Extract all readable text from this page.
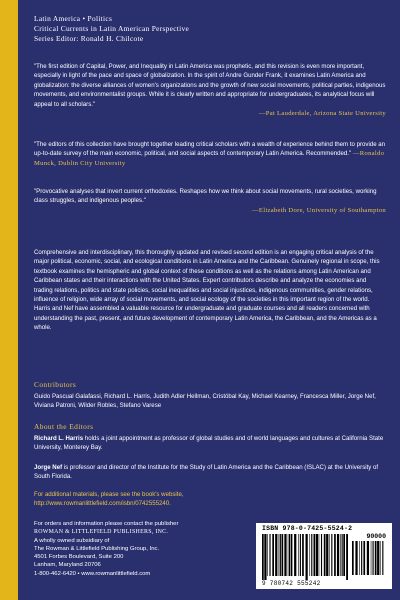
Latin America • Politics
Critical Currents in Latin American Perspective
Series Editor: Ronald H. Chilcote

"The first edition of Capital, Power, and Inequality in Latin America was prophetic, and this revision is even more important, especially in light of the pace and space of globalization. In the spirit of Andre Gunder Frank, it examines Latin America and globalization: the diverse alliances of women's organizations and the growth of new social movements, political parties, indigenous movements, and environmentalist groups. While it is clearly written and appropriate for undergraduates, its analytical focus will appeal to all scholars."

—Pat Lauderdale, Arizona State University

"The editors of this collection have brought together leading critical scholars with a wealth of experience behind them to provide an up-to-date survey of the main economic, political, and social aspects of contemporary Latin America. Recommended." —Ronaldo Munck, Dublin City University

"Provocative analyses that invert current orthodoxies. Reshapes how we think about social movements, rural societies, working class struggles, and indigenous peoples."

—Elizabeth Dore, University of Southampton

Comprehensive and interdisciplinary, this thoroughly updated and revised second edition is an engaging critical analysis of the major political, economic, social, and ecological conditions in Latin America and the Caribbean. Genuinely regional in scope, this textbook examines the hemispheric and global context of these conditions as well as the relations among Latin American and Caribbean states and their interactions with the United States. Expert contributors describe and analyze the economies and trading relations, politics and state policies, social inequalities and social injustices, indigenous communities, gender relations, influence of religion, wide array of social movements, and social ecology of the societies in this important region of the world. Harris and Nef have assembled a valuable resource for undergraduate and graduate courses and all readers concerned with understanding the past, present, and future development of contemporary Latin America, the Caribbean, and the Americas as a whole.

Contributors

Guido Pascual Galafassi, Richard L. Harris, Judith Adler Hellman, Cristóbal Kay, Michael Kearney, Francesca Miller, Jorge Nef, Viviana Patroni, Wilder Robles, Stefano Varese

About the Editors

Richard L. Harris holds a joint appointment as professor of global studies and of world languages and cultures at California State University, Monterey Bay.

Jorge Nef is professor and director of the Institute for the Study of Latin America and the Caribbean (ISLAC) at the University of South Florida.

For additional materials, please see the book's website,
http://www.rowmanlittlefield.com/isbn/0742555240.
For orders and information please contact the publisher
ROWMAN & LITTLEFIELD PUBLISHERS, INC.
A wholly owned subsidiary of
The Rowman & Littlefield Publishing Group, Inc.
4501 Forbes Boulevard, Suite 200
Lanham, Maryland 20706
1-800-462-6420 • www.rowmanlittlefield.com
ISBN 978-0-7425-5524-2
90000
9 780742 555242
